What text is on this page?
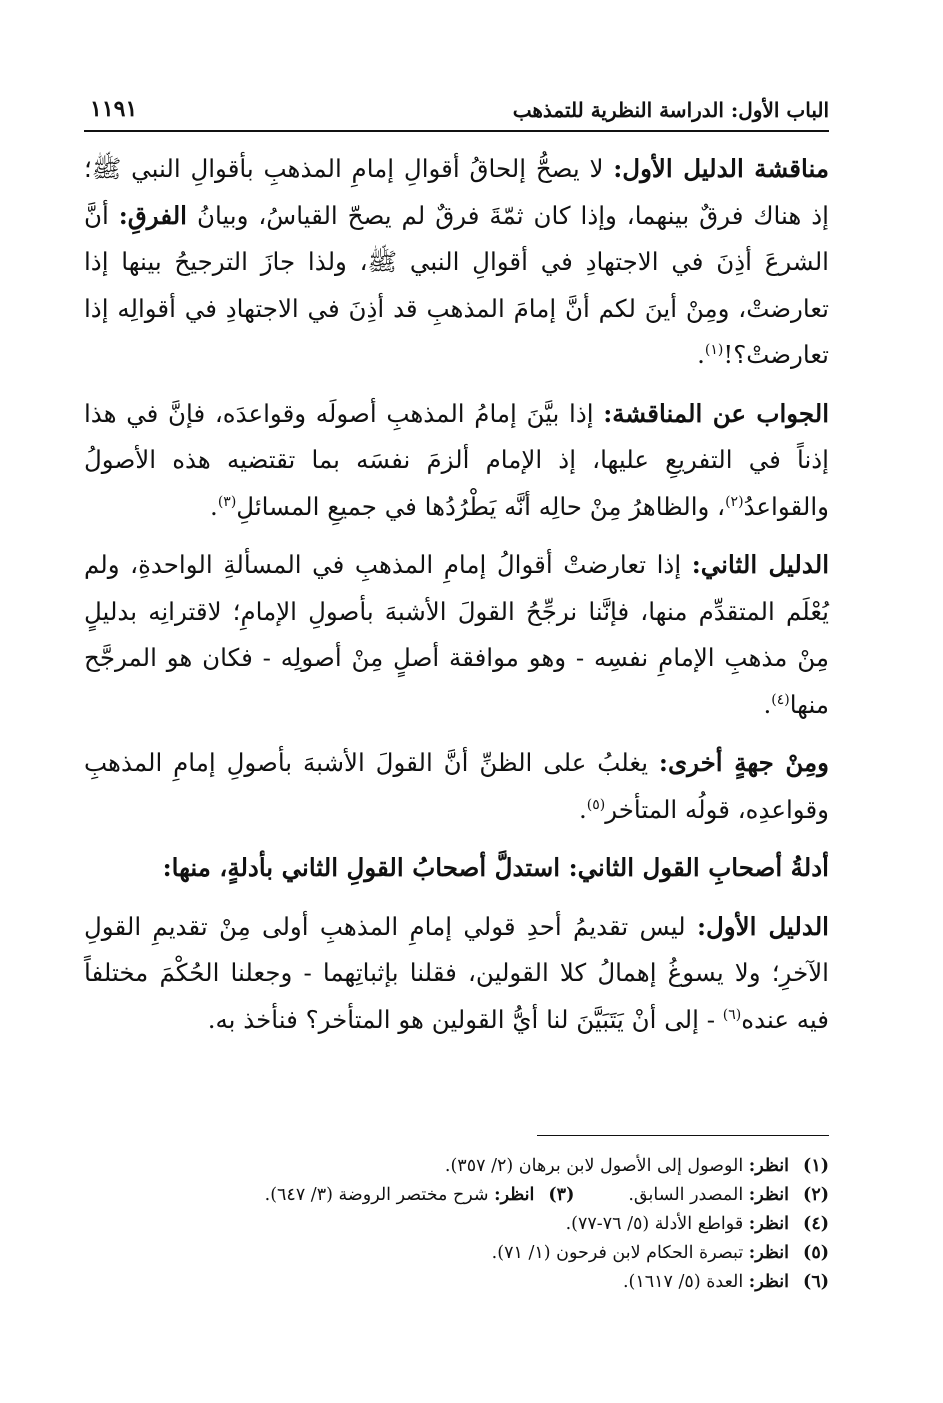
الباب الأول: الدراسة النظرية للتمذهب
١١٩١

مناقشة الدليل الأول: لا يصحُّ إلحاقُ أقوالِ إمامِ المذهبِ بأقوالِ النبي ﷺ؛ إذ هناك فرقٌ بينهما، وإذا كان ثمّةَ فرقٌ لم يصحّ القياسُ، وبيانُ الفرقِ: أنَّ الشرعَ أذِنَ في الاجتهادِ في أقوالِ النبي ﷺ، ولذا جازَ الترجيحُ بينها إذا تعارضتْ، ومِنْ أينَ لكم أنَّ إمامَ المذهبِ قد أذِنَ في الاجتهادِ في أقوالِه إذا تعارضتْ؟!$^{(١)}$.

الجواب عن المناقشة: إذا بيَّنَ إمامُ المذهبِ أصولَه وقواعدَه، فإنَّ في هذا إذناً في التفريعِ عليها، إذ الإمام ألزمَ نفسَه بما تقتضيه هذه الأصولُ والقواعدُ$^{(٢)}$، والظاهرُ مِنْ حالِه أنَّه يَطْرُدُها في جميعِ المسائلِ$^{(٣)}$.

الدليل الثاني: إذا تعارضتْ أقوالُ إمامِ المذهبِ في المسألةِ الواحدةِ، ولم يُعْلَم المتقدِّم منها، فإنَّنا نرجِّحُ القولَ الأشبهَ بأصولِ الإمامِ؛ لاقترانِه بدليلٍ مِنْ مذهبِ الإمامِ نفسِه - وهو موافقة أصلٍ مِنْ أصولِه - فكان هو المرجَّح منها$^{(٤)}$.

ومِنْ جهةٍ أخرى: يغلبُ على الظنِّ أنَّ القولَ الأشبهَ بأصولِ إمامِ المذهبِ وقواعدِه، قولُه المتأخر$^{(٥)}$.

أدلةُ أصحابِ القول الثاني: استدلَّ أصحابُ القولِ الثاني بأدلةٍ، منها:

الدليل الأول: ليس تقديمُ أحدِ قولي إمامِ المذهبِ أولى مِنْ تقديمِ القولِ الآخرِ؛ ولا يسوغُ إهمالُ كلا القولين، فقلنا بإثباتِهما - وجعلنا الحُكْمَ مختلفاً فيه عنده$^{(٦)}$ - إلى أنْ يَتَبَيَّنَ لنا أيُّ القولين هو المتأخر؟ فنأخذ به.

(١)انظر: الوصول إلى الأصول لابن برهان (٢/ ٣٥٧).
(٢)انظر: المصدر السابق.(٣)انظر: شرح مختصر الروضة (٣/ ٦٤٧).
(٤)انظر: قواطع الأدلة (٥/ ٧٦-٧٧).
(٥)انظر: تبصرة الحكام لابن فرحون (١/ ٧١).
(٦)انظر: العدة (٥/ ١٦١٧).
